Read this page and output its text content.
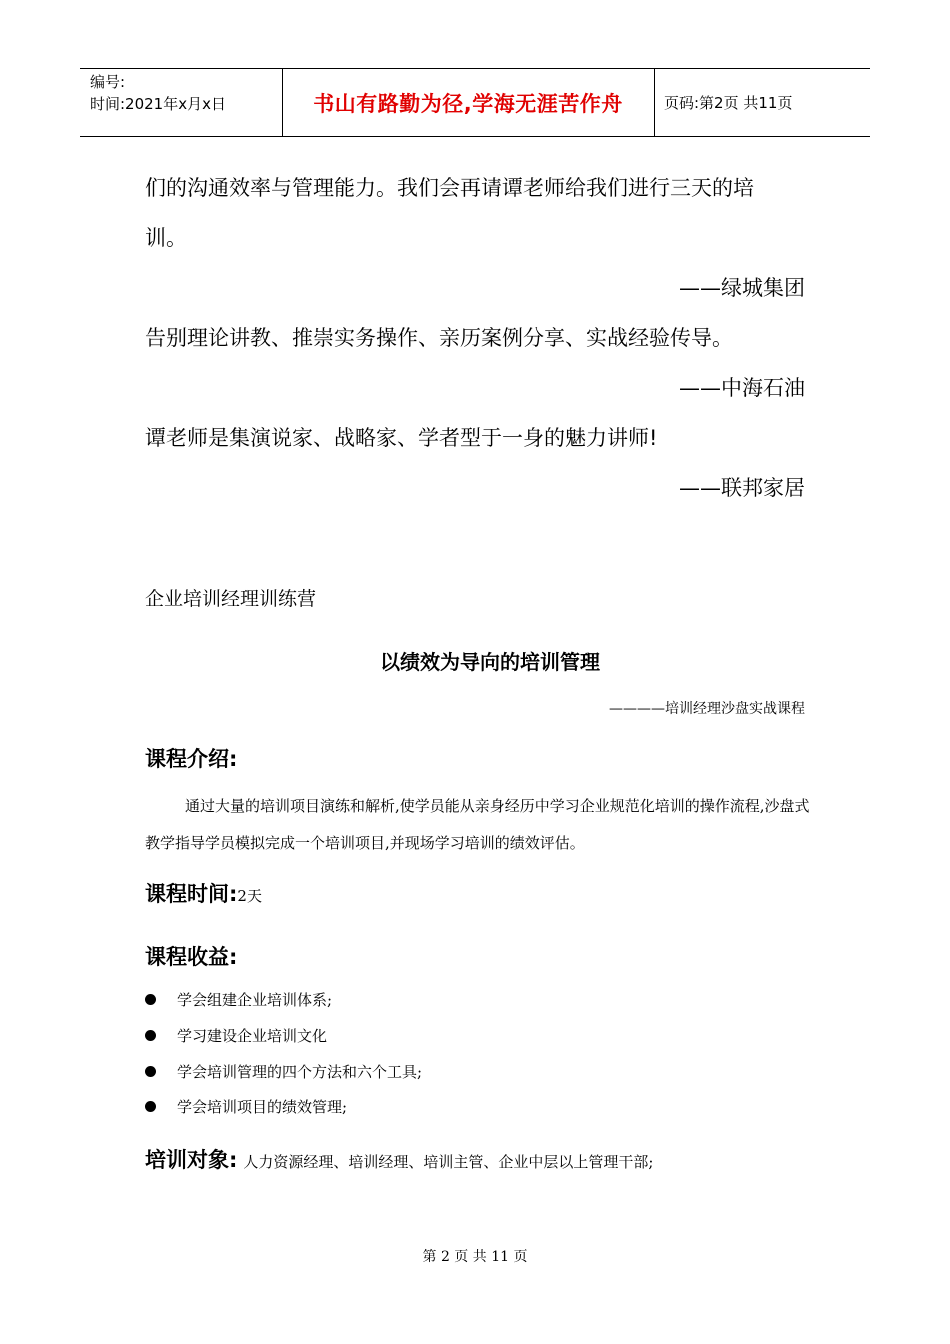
编号:
时间:2021年x月x日	书山有路勤为径,学海无涯苦作舟	页码:第2页 共11页
们的沟通效率与管理能力。我们会再请谭老师给我们进行三天的培
训。
——绿城集团
告别理论讲教、推崇实务操作、亲历案例分享、实战经验传导。
——中海石油
谭老师是集演说家、战略家、学者型于一身的魅力讲师!
——联邦家居
企业培训经理训练营
以绩效为导向的培训管理
————培训经理沙盘实战课程
课程介绍:
通过大量的培训项目演练和解析,使学员能从亲身经历中学习企业规范化培训的操作流程,沙盘式教学指导学员模拟完成一个培训项目,并现场学习培训的绩效评估。
课程时间:2天
课程收益:
学会组建企业培训体系;
学习建设企业培训文化
学会培训管理的四个方法和六个工具;
学会培训项目的绩效管理;
培训对象: 人力资源经理、培训经理、培训主管、企业中层以上管理干部;
第 2 页 共 11 页
